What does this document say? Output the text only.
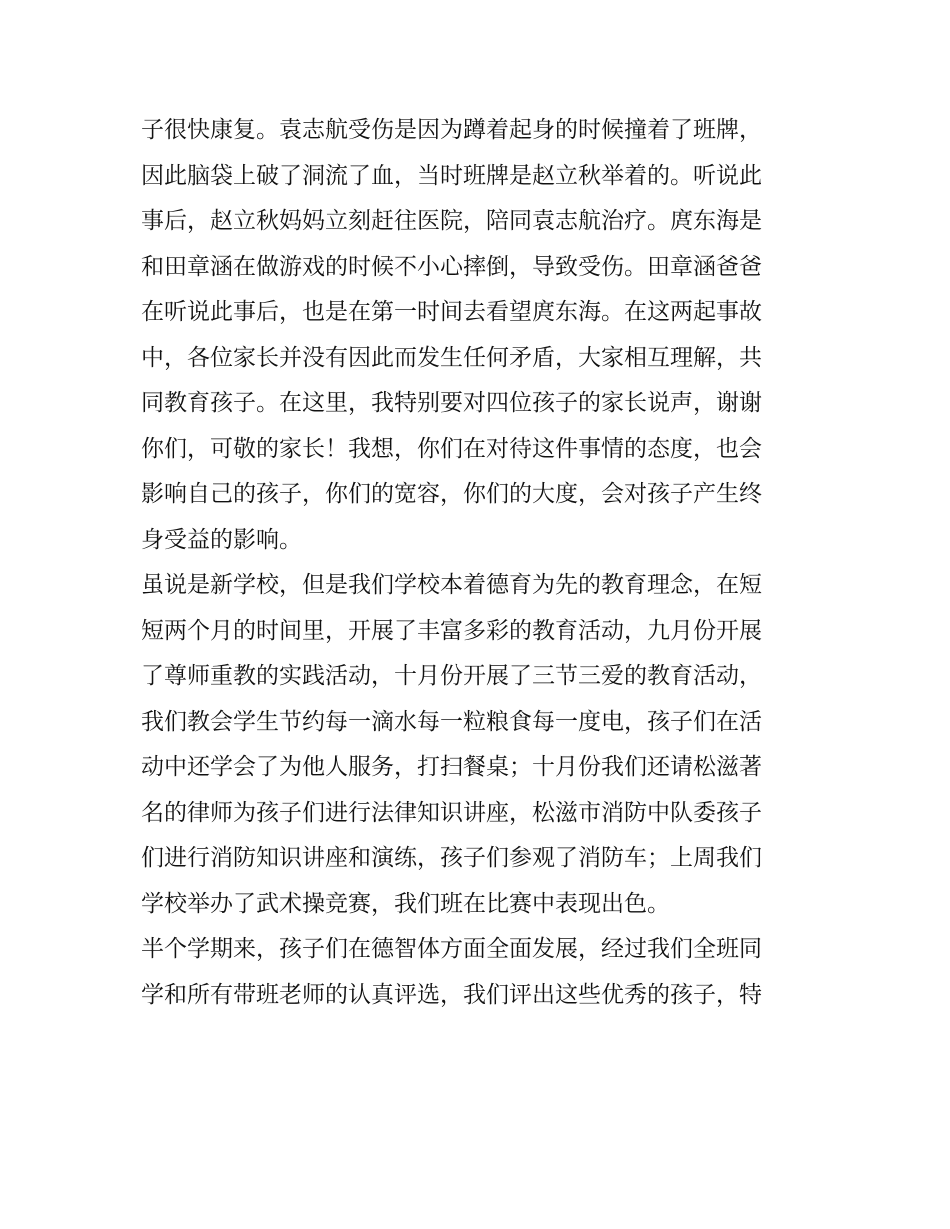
子很快康复。袁志航受伤是因为蹲着起身的时候撞着了班牌，
因此脑袋上破了洞流了血，当时班牌是赵立秋举着的。听说此
事后，赵立秋妈妈立刻赶往医院，陪同袁志航治疗。庹东海是
和田章涵在做游戏的时候不小心摔倒，导致受伤。田章涵爸爸
在听说此事后，也是在第一时间去看望庹东海。在这两起事故
中，各位家长并没有因此而发生任何矛盾，大家相互理解，共
同教育孩子。在这里，我特别要对四位孩子的家长说声，谢谢
你们，可敬的家长！我想，你们在对待这件事情的态度，也会
影响自己的孩子，你们的宽容，你们的大度，会对孩子产生终
身受益的影响。
虽说是新学校，但是我们学校本着德育为先的教育理念，在短
短两个月的时间里，开展了丰富多彩的教育活动，九月份开展
了尊师重教的实践活动，十月份开展了三节三爱的教育活动，
我们教会学生节约每一滴水每一粒粮食每一度电，孩子们在活
动中还学会了为他人服务，打扫餐桌；十月份我们还请松滋著
名的律师为孩子们进行法律知识讲座，松滋市消防中队委孩子
们进行消防知识讲座和演练，孩子们参观了消防车；上周我们
学校举办了武术操竞赛，我们班在比赛中表现出色。
半个学期来，孩子们在德智体方面全面发展，经过我们全班同
学和所有带班老师的认真评选，我们评出这些优秀的孩子，特
